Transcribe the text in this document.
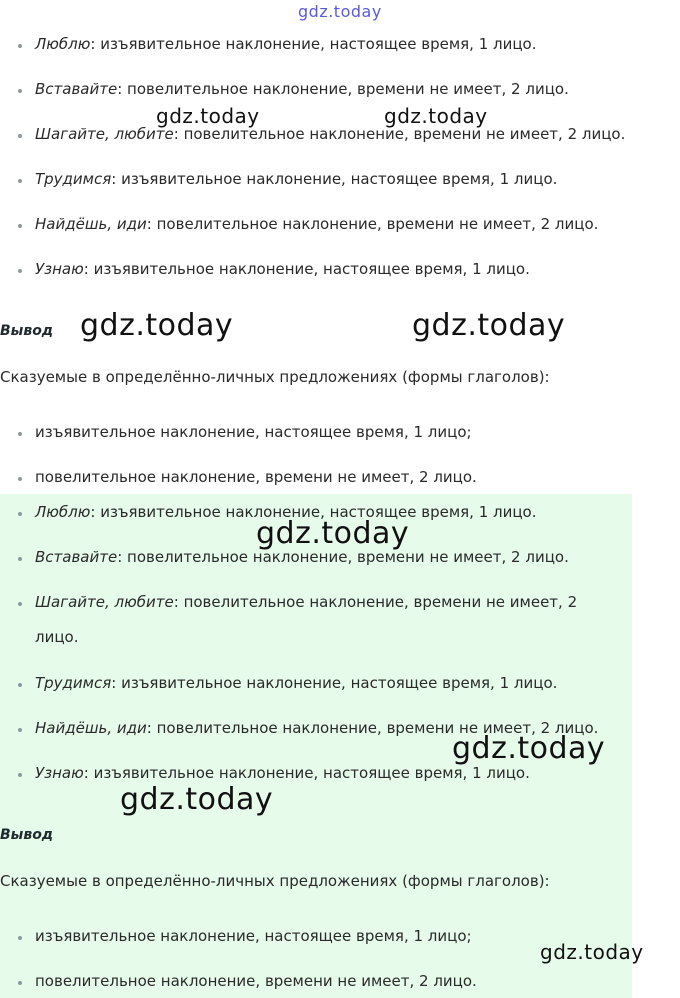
Люблю: изъявительное наклонение, настоящее время, 1 лицо.
Вставайте: повелительное наклонение, времени не имеет, 2 лицо.
Шагайте, любите: повелительное наклонение, времени не имеет, 2 лицо.
Трудимся: изъявительное наклонение, настоящее время, 1 лицо.
Найдёшь, иди: повелительное наклонение, времени не имеет, 2 лицо.
Узнаю: изъявительное наклонение, настоящее время, 1 лицо.
Вывод
Сказуемые в определённо-личных предложениях (формы глаголов):
изъявительное наклонение, настоящее время, 1 лицо;
повелительное наклонение, времени не имеет, 2 лицо.
Люблю: изъявительное наклонение, настоящее время, 1 лицо.
Вставайте: повелительное наклонение, времени не имеет, 2 лицо.
Шагайте, любите: повелительное наклонение, времени не имеет, 2
лицо.
Трудимся: изъявительное наклонение, настоящее время, 1 лицо.
Найдёшь, иди: повелительное наклонение, времени не имеет, 2 лицо.
Узнаю: изъявительное наклонение, настоящее время, 1 лицо.
Вывод
Сказуемые в определённо-личных предложениях (формы глаголов):
изъявительное наклонение, настоящее время, 1 лицо;
повелительное наклонение, времени не имеет, 2 лицо.
gdz.today
gdz.today	gdz.today
gdz.today	gdz.today
gdz.today
gdz.today
gdz.today
gdz.today
